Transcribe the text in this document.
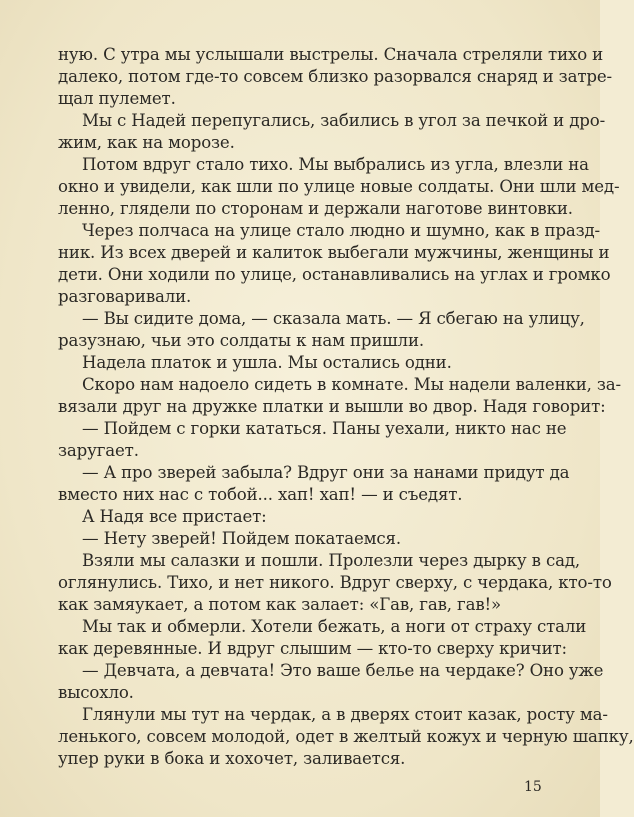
ную. С утра мы услышали выстрелы. Сначала стреляли тихо и
далеко, потом где-то совсем близко разорвался снаряд и затре-
щал пулемет.
Мы с Надей перепугались, забились в угол за печкой и дро-
жим, как на морозе.
Потом вдруг стало тихо. Мы выбрались из угла, влезли на
окно и увидели, как шли по улице новые солдаты. Они шли мед-
ленно, глядели по сторонам и держали наготове винтовки.
Через полчаса на улице стало людно и шумно, как в празд-
ник. Из всех дверей и калиток выбегали мужчины, женщины и
дети. Они ходили по улице, останавливались на углах и громко
разговаривали.
— Вы сидите дома, — сказала мать. — Я сбегаю на улицу,
разузнаю, чьи это солдаты к нам пришли.
Надела платок и ушла. Мы остались одни.
Скоро нам надоело сидеть в комнате. Мы надели валенки, за-
вязали друг на дружке платки и вышли во двор. Надя говорит:
— Пойдем с горки кататься. Паны уехали, никто нас не
заругает.
— А про зверей забыла? Вдруг они за нанами придут да
вместо них нас с тобой... хап! хап! — и съедят.
А Надя все пристает:
— Нету зверей! Пойдем покатаемся.
Взяли мы салазки и пошли. Пролезли через дырку в сад,
оглянулись. Тихо, и нет никого. Вдруг сверху, с чердака, кто-то
как замяукает, а потом как залает: «Гав, гав, гав!»
Мы так и обмерли. Хотели бежать, а ноги от страху стали
как деревянные. И вдруг слышим — кто-то сверху кричит:
— Девчата, а девчата! Это ваше белье на чердаке? Оно уже
высохло.
Глянули мы тут на чердак, а в дверях стоит казак, росту ма-
ленького, совсем молодой, одет в желтый кожух и черную шапку,
упер руки в бока и хохочет, заливается.
15
